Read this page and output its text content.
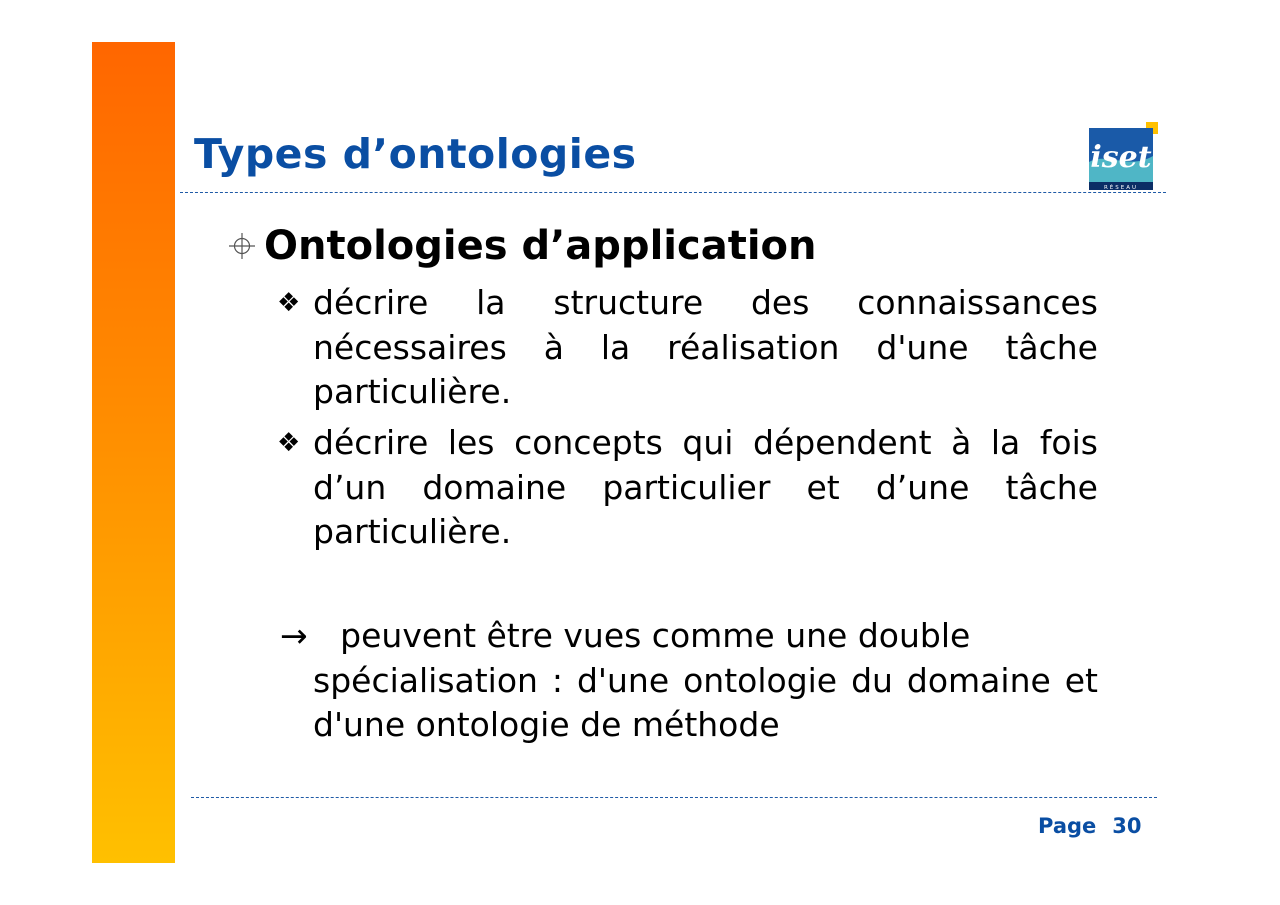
Types d’ontologies	iset
RÉSEAU
Ontologies d’application

❖ décrire la structure des connaissances nécessaires à la réalisation d'une tâche particulière.

❖ décrire les concepts qui dépendent à la fois d’un domaine particulier et d’une tâche particulière.

→ peuvent être vues comme une double
spécialisation : d'une ontologie du domaine et d'une ontologie de méthode

Page 30
